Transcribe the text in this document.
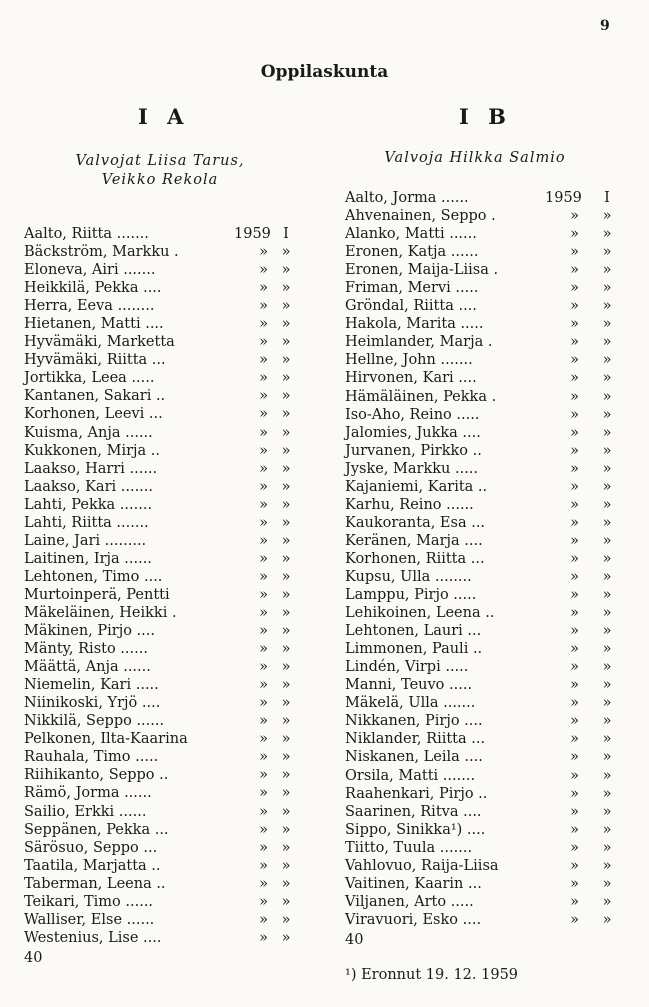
9
Oppilaskunta
I A	I B
Valvojat Liisa Tarus,
Veikko Rekola
Valvoja Hilkka Salmio
Aalto, Riitta .......	1959 I
Bäckström, Markku .	» »
Eloneva, Airi .......	» »
Heikkilä, Pekka ....	» »
Herra, Eeva ........	» »
Hietanen, Matti ....	» »
Hyvämäki, Marketta	» »
Hyvämäki, Riitta ...	» »
Jortikka, Leea .....	» »
Kantanen, Sakari ..	» »
Korhonen, Leevi ...	» »
Kuisma, Anja ......	» »
Kukkonen, Mirja ..	» »
Laakso, Harri ......	» »
Laakso, Kari .......	» »
Lahti, Pekka .......	» »
Lahti, Riitta .......	» »
Laine, Jari .........	» »
Laitinen, Irja ......	» »
Lehtonen, Timo ....	» »
Murtoinperä, Pentti	» »
Mäkeläinen, Heikki .	» »
Mäkinen, Pirjo ....	» »
Mänty, Risto ......	» »
Määttä, Anja ......	» »
Niemelin, Kari .....	» »
Niinikoski, Yrjö ....	» »
Nikkilä, Seppo ......	» »
Pelkonen, Ilta-Kaarina	» »
Rauhala, Timo .....	» »
Riihikanto, Seppo ..	» »
Rämö, Jorma ......	» »
Sailio, Erkki ......	» »
Seppänen, Pekka ...	» »
Särösuo, Seppo ...	» »
Taatila, Marjatta ..	» »
Taberman, Leena ..	» »
Teikari, Timo ......	» »
Walliser, Else ......	» »
Westenius, Lise ....	» »
Aalto, Jorma ......	1959 I
Ahvenainen, Seppo .	» »
Alanko, Matti ......	» »
Eronen, Katja ......	» »
Eronen, Maija-Liisa .	» »
Friman, Mervi .....	» »
Gröndal, Riitta ....	» »
Hakola, Marita .....	» »
Heimlander, Marja .	» »
Hellne, John .......	» »
Hirvonen, Kari ....	» »
Hämäläinen, Pekka .	» »
Iso-Aho, Reino .....	» »
Jalomies, Jukka ....	» »
Jurvanen, Pirkko ..	» »
Jyske, Markku .....	» »
Kajaniemi, Karita ..	» »
Karhu, Reino ......	» »
Kaukoranta, Esa ...	» »
Keränen, Marja ....	» »
Korhonen, Riitta ...	» »
Kupsu, Ulla ........	» »
Lamppu, Pirjo .....	» »
Lehikoinen, Leena ..	» »
Lehtonen, Lauri ...	» »
Limmonen, Pauli ..	» »
Lindén, Virpi .....	» »
Manni, Teuvo .....	» »
Mäkelä, Ulla .......	» »
Nikkanen, Pirjo ....	» »
Niklander, Riitta ...	» »
Niskanen, Leila ....	» »
Orsila, Matti .......	» »
Raahenkari, Pirjo ..	» »
Saarinen, Ritva ....	» »
Sippo, Sinikka¹) ....	» »
Tiitto, Tuula .......	» »
Vahlovuo, Raija-Liisa	» »
Vaitinen, Kaarin ...	» »
Viljanen, Arto .....	» »
Viravuori, Esko ....	» »
40
40
¹) Eronnut 19. 12. 1959
